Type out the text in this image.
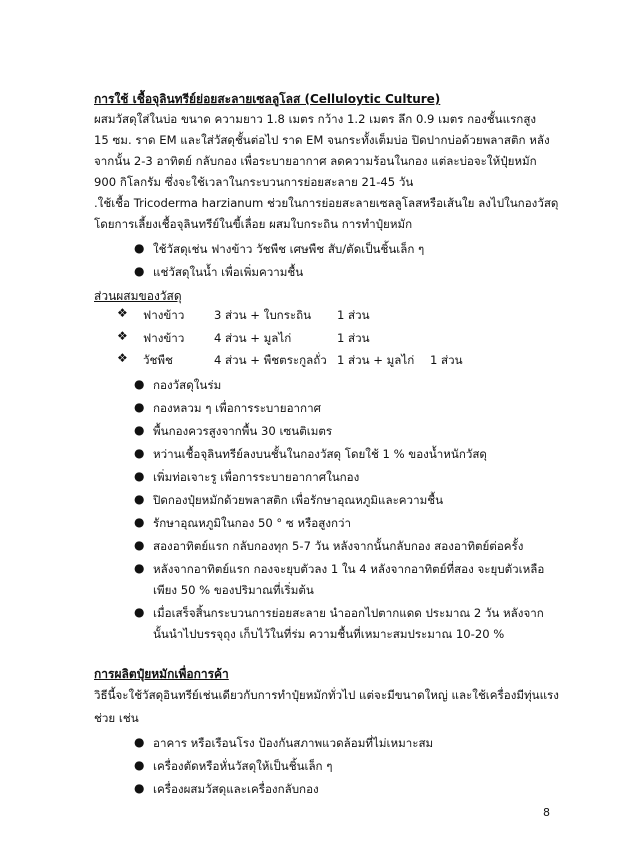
การใช้ เชื้อจุลินทรีย์ย่อยสะลายเซลลูโลส (Celluloytic Culture)
ผสมวัสดุใส่ในบ่อ ขนาด ความยาว 1.8 เมตร กว้าง 1.2 เมตร ลึก 0.9 เมตร กองชั้นแรกสูง
15 ซม. ราด EM และใส่วัสดุชั้นต่อไป ราด EM จนกระทั้งเต็มบ่อ ปิดปากบ่อด้วยพลาสติก หลัง
จากนั้น 2-3 อาทิตย์ กลับกอง เพื่อระบายอากาศ ลดความร้อนในกอง แต่ละบ่อจะให้ปุ๋ยหมัก
900 กิโลกรัม ซึ่งจะใช้เวลาในกระบวนการย่อยสะลาย 21-45 วัน
.ใช้เชื้อ Tricoderma harzianum ช่วยในการย่อยสะลายเซลลูโลสหรือเส้นใย ลงไปในกองวัสดุ
โดยการเลี้ยงเชื้อจุลินทรีย์ในขี้เลื่อย ผสมใบกระถิน การทำปุ๋ยหมัก
● ใช้วัสดุเช่น ฟางข้าว วัชพืช เศษพืช สับ/ตัดเป็นชิ้นเล็ก ๆ
● แช่วัสดุในน้ำ เพื่อเพิ่มความชื้น
ส่วนผสมของวัสดุ
❖ ฟางข้าว	3 ส่วน + ใบกระถิน 1 ส่วน
❖ ฟางข้าว	4 ส่วน + มูลไก่	1 ส่วน
❖ วัชพืช	4 ส่วน + พืชตระกูลถั่ว 1 ส่วน + มูลไก่ 1 ส่วน
● กองวัสดุในร่ม
● กองหลวม ๆ เพื่อการระบายอากาศ
● พื้นกองควรสูงจากพื้น 30 เซนติเมตร
● หว่านเชื้อจุลินทรีย์ลงบนชั้นในกองวัสดุ โดยใช้ 1 % ของน้ำหนักวัสดุ
● เพิ่มท่อเจาะรู เพื่อการระบายอากาศในกอง
● ปิดกองปุ๋ยหมักด้วยพลาสติก เพื่อรักษาอุณหภูมิและความชื้น
● รักษาอุณหภูมิในกอง 50 ° ซ หรือสูงกว่า
● สองอาทิตย์แรก กลับกองทุก 5-7 วัน หลังจากนั้นกลับกอง สองอาทิตย์ต่อครั้ง
● หลังจากอาทิตย์แรก กองจะยุบตัวลง 1 ใน 4 หลังจากอาทิตย์ที่สอง จะยุบตัวเหลือ
เพียง 50 % ของปริมาณที่เริ่มต้น
● เมื่อเสร็จสิ้นกระบวนการย่อยสะลาย นำออกไปตากแดด ประมาณ 2 วัน หลังจาก
นั้นนำไปบรรจุถุง เก็บไว้ในที่ร่ม ความชื้นที่เหมาะสมประมาณ 10-20 %
การผลิตปุ๋ยหมักเพื่อการค้า
วิธีนี้จะใช้วัสดุอินทรีย์เช่นเดียวกับการทำปุ๋ยหมักทั่วไป แต่จะมีขนาดใหญ่ และใช้เครื่องมีทุ่นแรง
ช่วย เช่น
● อาคาร หรือเรือนโรง ป้องกันสภาพแวดล้อมที่ไม่เหมาะสม
● เครื่องตัดหรือหั่นวัสดุให้เป็นชิ้นเล็ก ๆ
● เครื่องผสมวัสดุและเครื่องกลับกอง
8
